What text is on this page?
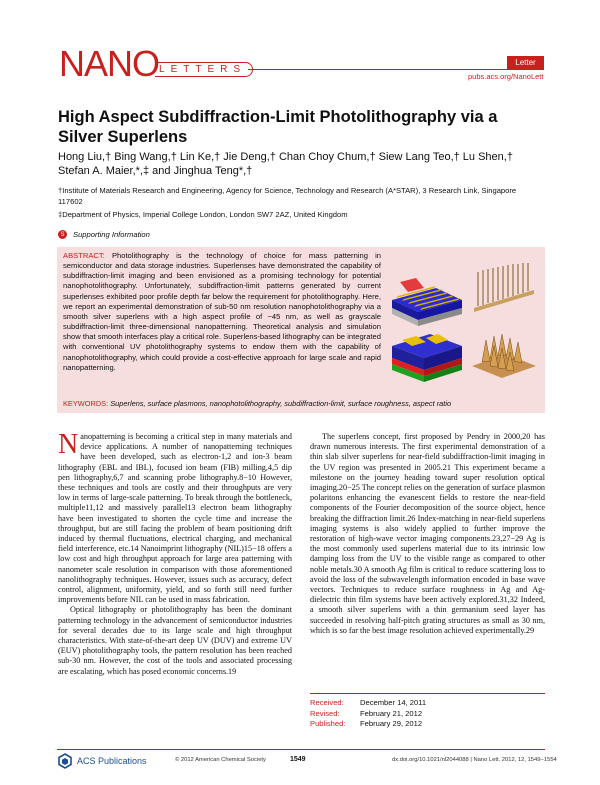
NANO LETTERS
Letter
pubs.acs.org/NanoLett
High Aspect Subdiffraction-Limit Photolithography via a Silver Superlens
Hong Liu,† Bing Wang,† Lin Ke,† Jie Deng,† Chan Choy Chum,† Siew Lang Teo,† Lu Shen,† Stefan A. Maier,*,‡ and Jinghua Teng*,†
†Institute of Materials Research and Engineering, Agency for Science, Technology and Research (A*STAR), 3 Research Link, Singapore 117602
‡Department of Physics, Imperial College London, London SW7 2AZ, United Kingdom
S	Supporting Information
ABSTRACT: Photolithography is the technology of choice for mass patterning in semiconductor and data storage industries. Superlenses have demonstrated the capability of subdiffraction-limit imaging and been envisioned as a promising technology for potential nanophotolithography. Unfortunately, subdiffraction-limit patterns generated by current superlenses exhibited poor profile depth far below the requirement for photolithography. Here, we report an experimental demonstration of sub-50 nm resolution nanophotolithography via a smooth silver superlens with a high aspect profile of ~45 nm, as well as grayscale subdiffraction-limit three-dimensional nanopatterning. Theoretical analysis and simulation show that smooth interfaces play a critical role. Superlens-based lithography can be integrated with conventional UV photolithography systems to endow them with the capability of nanophotolithography, which could provide a cost-effective approach for large scale and rapid nanopatterning.
KEYWORDS: Superlens, surface plasmons, nanophotolithography, subdiffraction-limit, surface roughness, aspect ratio
N anopatterning is becoming a critical step in many materials and device applications. A number of nanopatterning techniques have been developed, such as electron-1,2 and ion-3 beam lithography (EBL and IBL), focused ion beam (FIB) milling,4,5 dip pen lithography,6,7 and scanning probe lithography.8−10 However, these techniques and tools are costly and their throughputs are very low in terms of large-scale patterning. To break through the bottleneck, multiple11,12 and massively parallel13 electron beam lithography have been investigated to shorten the cycle time and increase the throughput, but are still facing the problem of beam positioning drift induced by thermal fluctuations, electrical charging, and mechanical field interference, etc.14 Nanoimprint lithography (NIL)15−18 offers a low cost and high throughput approach for large area patterning with nanometer scale resolution in comparison with those aforementioned nanolithography techniques. However, issues such as accuracy, defect control, alignment, uniformity, yield, and so forth still need further improvements before NIL can be used in mass fabrication.
Optical lithography or photolithography has been the dominant patterning technology in the advancement of semiconductor industries for several decades due to its large scale and high throughput characteristics. With state-of-the-art deep UV (DUV) and extreme UV (EUV) photolithography tools, the pattern resolution has been reached sub-30 nm. However, the cost of the tools and associated processing are escalating, which has posed economic concerns.19
The superlens concept, first proposed by Pendry in 2000,20 has drawn numerous interests. The first experimental demonstration of a thin slab silver superlens for near-field subdiffraction-limit imaging in the UV region was presented in 2005.21 This experiment became a milestone on the journey heading toward super resolution optical imaging.20−25 The concept relies on the generation of surface plasmon polaritons enhancing the evanescent fields to restore the near-field components of the Fourier decomposition of the source object, hence breaking the diffraction limit.26 Index-matching in near-field superlens imaging systems is also widely applied to further improve the restoration of high-wave vector imaging components.23,27−29 Ag is the most commonly used superlens material due to its intrinsic low damping loss from the UV to the visible range as compared to other noble metals.30 A smooth Ag film is critical to reduce scattering loss to avoid the loss of the subwavelength information encoded in base wave vectors. Techniques to reduce surface roughness in Ag and Ag-dielectric thin film systems have been actively explored.31,32 Indeed, a smooth silver superlens with a thin germanium seed layer has succeeded in resolving half-pitch grating structures as small as 30 nm, which is so far the best image resolution achieved experimentally.29
Received:	December 14, 2011
Revised:	February 21, 2012
Published:	February 29, 2012
ACS Publications	© 2012 American Chemical Society	1549	dx.doi.org/10.1021/nl2044088 | Nano Lett. 2012, 12, 1549−1554
